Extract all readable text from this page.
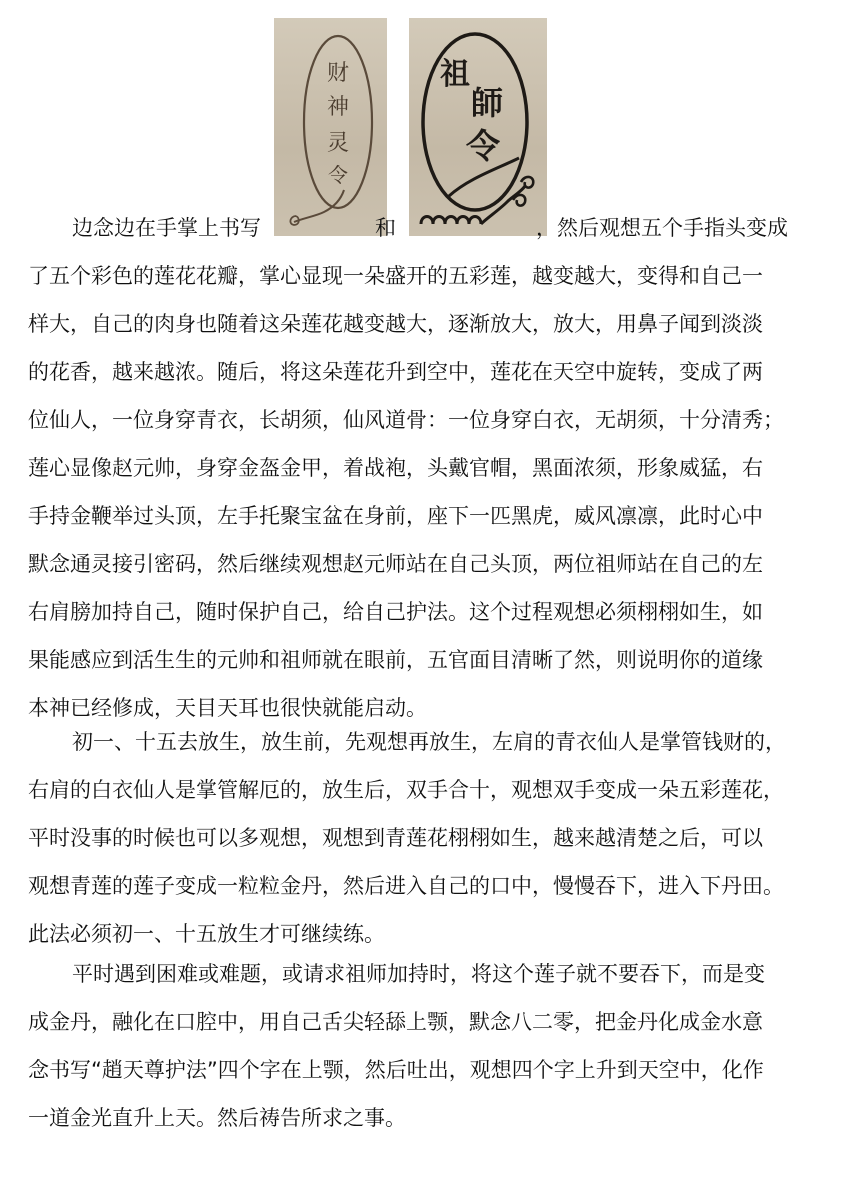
财
神
灵
令
祖
師
令
边念边在手掌上书写	和	，然后观想五个手指头变成
了五个彩色的莲花花瓣，掌心显现一朵盛开的五彩莲，越变越大，变得和自己一
样大，自己的肉身也随着这朵莲花越变越大，逐渐放大，放大，用鼻子闻到淡淡
的花香，越来越浓。随后，将这朵莲花升到空中，莲花在天空中旋转，变成了两
位仙人，一位身穿青衣，长胡须，仙风道骨：一位身穿白衣，无胡须，十分清秀；
莲心显像赵元帅，身穿金盔金甲，着战袍，头戴官帽，黑面浓须，形象威猛，右
手持金鞭举过头顶，左手托聚宝盆在身前，座下一匹黑虎，威风凛凛，此时心中
默念通灵接引密码，然后继续观想赵元师站在自己头顶，两位祖师站在自己的左
右肩膀加持自己，随时保护自己，给自己护法。这个过程观想必须栩栩如生，如
果能感应到活生生的元帅和祖师就在眼前，五官面目清晰了然，则说明你的道缘
本神已经修成，天目天耳也很快就能启动。
初一、十五去放生，放生前，先观想再放生，左肩的青衣仙人是掌管钱财的，
右肩的白衣仙人是掌管解厄的，放生后，双手合十，观想双手变成一朵五彩莲花，
平时没事的时候也可以多观想，观想到青莲花栩栩如生，越来越清楚之后，可以
观想青莲的莲子变成一粒粒金丹，然后进入自己的口中，慢慢吞下，进入下丹田。
此法必须初一、十五放生才可继续练。
平时遇到困难或难题，或请求祖师加持时，将这个莲子就不要吞下，而是变
成金丹，融化在口腔中，用自己舌尖轻舔上颚，默念八二零，把金丹化成金水意
念书写“趙天尊护法”四个字在上颚，然后吐出，观想四个字上升到天空中，化作
一道金光直升上天。然后祷告所求之事。
